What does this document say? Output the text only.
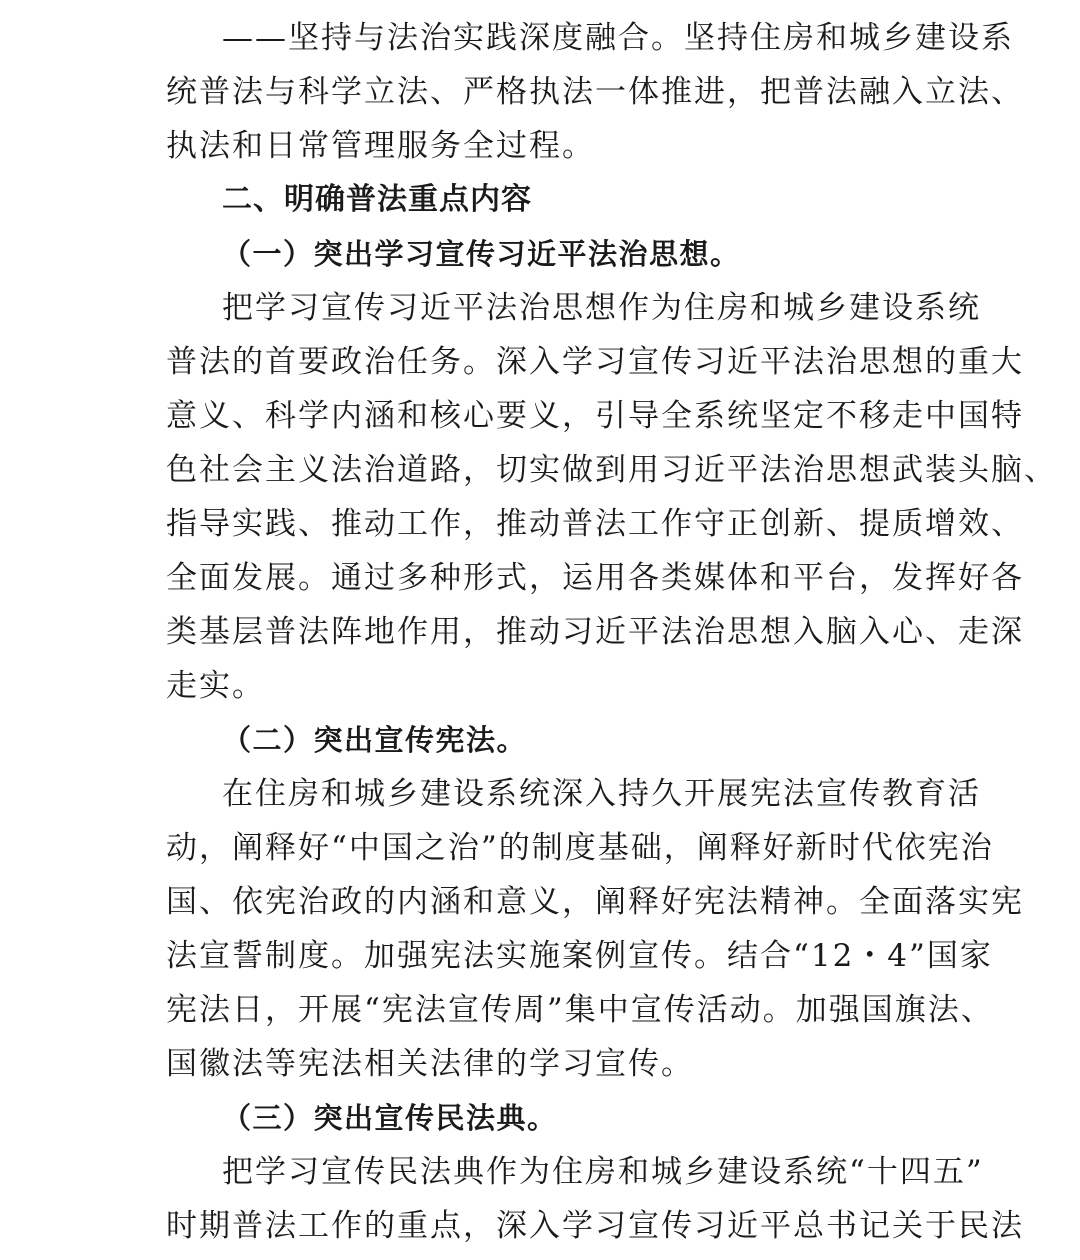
——坚持与法治实践深度融合。坚持住房和城乡建设系
统普法与科学立法、严格执法一体推进，把普法融入立法、
执法和日常管理服务全过程。
二、明确普法重点内容
（一）突出学习宣传习近平法治思想。
把学习宣传习近平法治思想作为住房和城乡建设系统
普法的首要政治任务。深入学习宣传习近平法治思想的重大
意义、科学内涵和核心要义，引导全系统坚定不移走中国特
色社会主义法治道路，切实做到用习近平法治思想武装头脑、
指导实践、推动工作，推动普法工作守正创新、提质增效、
全面发展。通过多种形式，运用各类媒体和平台，发挥好各
类基层普法阵地作用，推动习近平法治思想入脑入心、走深
走实。
（二）突出宣传宪法。
在住房和城乡建设系统深入持久开展宪法宣传教育活
动，阐释好“中国之治”的制度基础，阐释好新时代依宪治
国、依宪治政的内涵和意义，阐释好宪法精神。全面落实宪
法宣誓制度。加强宪法实施案例宣传。结合“12・4”国家
宪法日，开展“宪法宣传周”集中宣传活动。加强国旗法、
国徽法等宪法相关法律的学习宣传。
（三）突出宣传民法典。
把学习宣传民法典作为住房和城乡建设系统“十四五”
时期普法工作的重点，深入学习宣传习近平总书记关于民法
